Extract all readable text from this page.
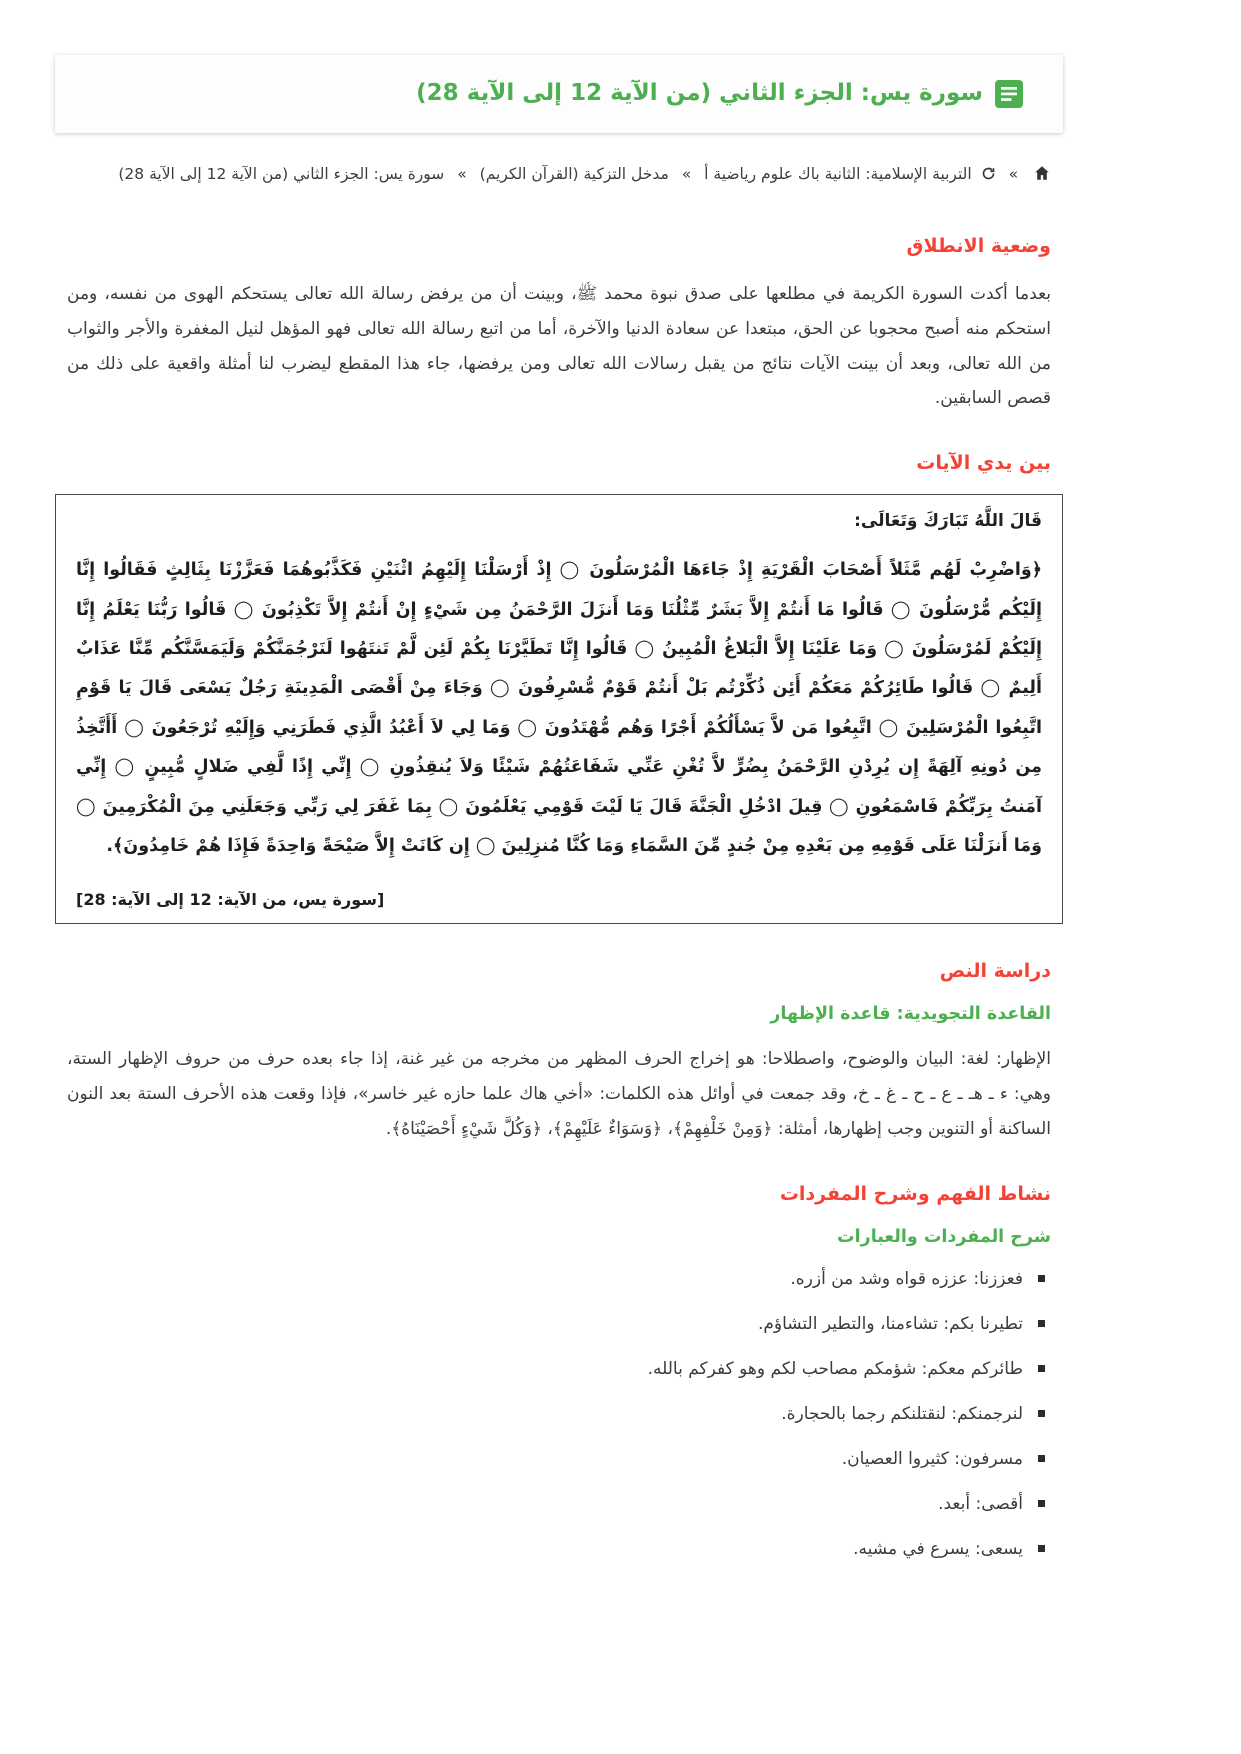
سورة يس: الجزء الثاني (من الآية 12 إلى الآية 28)
»  التربية الإسلامية: الثانية باك علوم رياضية أ » مدخل التزكية (القرآن الكريم) » سورة يس: الجزء الثاني (من الآية 12 إلى الآية 28)
وضعية الانطلاق

بعدما أكدت السورة الكريمة في مطلعها على صدق نبوة محمد ﷺ، وبينت أن من يرفض رسالة الله تعالى يستحكم الهوى من نفسه، ومن استحكم منه أصبح محجوبا عن الحق، مبتعدا عن سعادة الدنيا والآخرة، أما من اتبع رسالة الله تعالى فهو المؤهل لنيل المغفرة والأجر والثواب من الله تعالى، وبعد أن بينت الآيات نتائج من يقبل رسالات الله تعالى ومن يرفضها، جاء هذا المقطع ليضرب لنا أمثلة واقعية على ذلك من قصص السابقين.

بين يدي الآيات

قَالَ اللَّهُ تَبَارَكَ وَتَعَالَى:

﴿وَاضْرِبْ لَهُم مَّثَلاً أَصْحَابَ الْقَرْيَةِ إِذْ جَاءَهَا الْمُرْسَلُونَ ◯ إِذْ أَرْسَلْنَا إِلَيْهِمُ اثْنَيْنِ فَكَذَّبُوهُمَا فَعَزَّزْنَا بِثَالِثٍ فَقَالُوا إِنَّا إِلَيْكُم مُّرْسَلُونَ ◯ قَالُوا مَا أَنتُمْ إِلاَّ بَشَرٌ مِّثْلُنَا وَمَا أَنزَلَ الرَّحْمَنُ مِن شَيْءٍ إِنْ أَنتُمْ إِلاَّ تَكْذِبُونَ ◯ قَالُوا رَبُّنَا يَعْلَمُ إِنَّا إِلَيْكُمْ لَمُرْسَلُونَ ◯ وَمَا عَلَيْنَا إِلاَّ الْبَلاغُ الْمُبِينُ ◯ قَالُوا إِنَّا تَطَيَّرْنَا بِكُمْ لَئِن لَّمْ تَنتَهُوا لَنَرْجُمَنَّكُمْ وَلَيَمَسَّنَّكُم مِّنَّا عَذَابٌ أَلِيمٌ ◯ قَالُوا طَائِرُكُمْ مَعَكُمْ أَئِن ذُكِّرْتُم بَلْ أَنتُمْ قَوْمٌ مُّسْرِفُونَ ◯ وَجَاءَ مِنْ أَقْصَى الْمَدِينَةِ رَجُلٌ يَسْعَى قَالَ يَا قَوْمِ اتَّبِعُوا الْمُرْسَلِينَ ◯ اتَّبِعُوا مَن لاَّ يَسْأَلُكُمْ أَجْرًا وَهُم مُّهْتَدُونَ ◯ وَمَا لِي لاَ أَعْبُدُ الَّذِي فَطَرَنِي وَإِلَيْهِ تُرْجَعُونَ ◯ أَأَتَّخِذُ مِن دُونِهِ آلِهَةً إِن يُرِدْنِ الرَّحْمَنُ بِضُرٍّ لاَّ تُغْنِ عَنِّي شَفَاعَتُهُمْ شَيْئًا وَلاَ يُنقِذُونِ ◯ إِنِّي إِذًا لَّفِي ضَلالٍ مُّبِينٍ ◯ إِنِّي آمَنتُ بِرَبِّكُمْ فَاسْمَعُونِ ◯ قِيلَ ادْخُلِ الْجَنَّةَ قَالَ يَا لَيْتَ قَوْمِي يَعْلَمُونَ ◯ بِمَا غَفَرَ لِي رَبِّي وَجَعَلَنِي مِنَ الْمُكْرَمِينَ ◯ وَمَا أَنزَلْنَا عَلَى قَوْمِهِ مِن بَعْدِهِ مِنْ جُندٍ مِّنَ السَّمَاءِ وَمَا كُنَّا مُنزِلِينَ ◯ إِن كَانَتْ إِلاَّ صَيْحَةً وَاحِدَةً فَإِذَا هُمْ خَامِدُونَ﴾.

[سورة يس، من الآية: 12 إلى الآية: 28]

دراسة النص
القاعدة التجويدية: قاعدة الإظهار

الإظهار: لغة: البيان والوضوح، واصطلاحا: هو إخراج الحرف المظهر من مخرجه من غير غنة، إذا جاء بعده حرف من حروف الإظهار الستة، وهي: ء ـ هـ ـ ع ـ ح ـ غ ـ خ، وقد جمعت في أوائل هذه الكلمات: «أخي هاك علما حازه غير خاسر»، فإذا وقعت هذه الأحرف الستة بعد النون الساكنة أو التنوين وجب إظهارها، أمثلة: ﴿وَمِنْ خَلْفِهِمْ﴾، ﴿وَسَوَاءٌ عَلَيْهِمْ﴾، ﴿وَكُلَّ شَيْءٍ أَحْصَيْنَاهُ﴾.

نشاط الفهم وشرح المفردات
شرح المفردات والعبارات
فعززنا: عززه قواه وشد من أزره.
تطيرنا بكم: تشاءمنا، والتطير التشاؤم.
طائركم معكم: شؤمكم مصاحب لكم وهو كفركم بالله.
لنرجمنكم: لنقتلنكم رجما بالحجارة.
مسرفون: كثيروا العصيان.
أقصى: أبعد.
يسعى: يسرع في مشيه.
